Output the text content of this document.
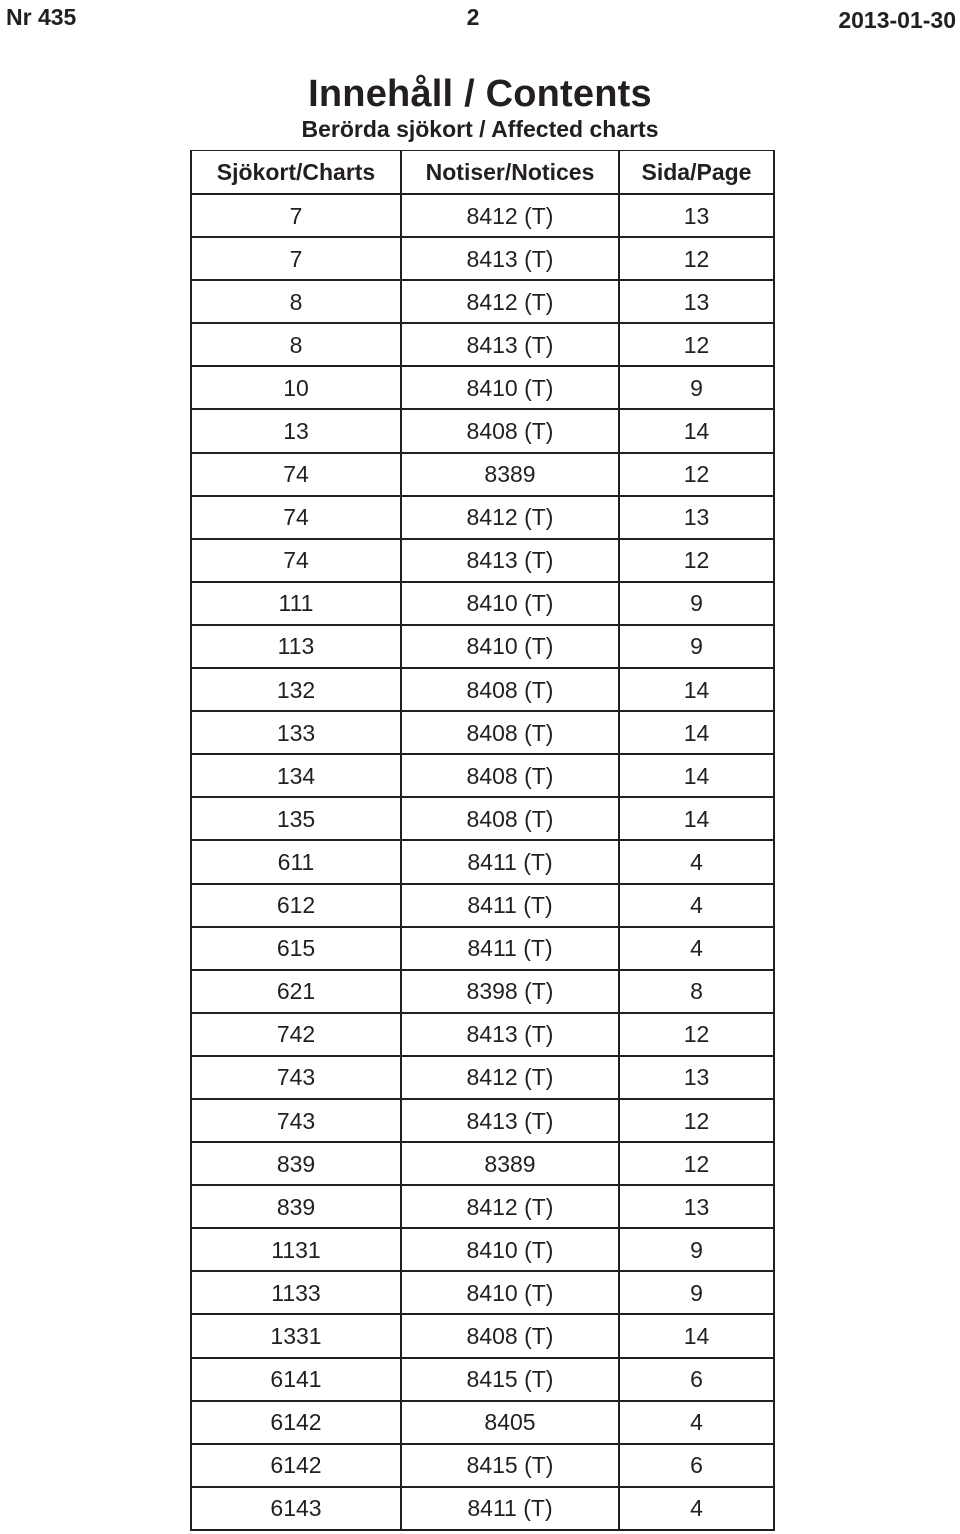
Nr 435	2	2013-01-30
Innehåll / Contents
Berörda sjökort / Affected charts
Sjökort/Charts	Notiser/Notices	Sida/Page
7	8412 (T)	13
7	8413 (T)	12
8	8412 (T)	13
8	8413 (T)	12
10	8410 (T)	9
13	8408 (T)	14
74	8389	12
74	8412 (T)	13
74	8413 (T)	12
111	8410 (T)	9
113	8410 (T)	9
132	8408 (T)	14
133	8408 (T)	14
134	8408 (T)	14
135	8408 (T)	14
611	8411 (T)	4
612	8411 (T)	4
615	8411 (T)	4
621	8398 (T)	8
742	8413 (T)	12
743	8412 (T)	13
743	8413 (T)	12
839	8389	12
839	8412 (T)	13
1131	8410 (T)	9
1133	8410 (T)	9
1331	8408 (T)	14
6141	8415 (T)	6
6142	8405	4
6142	8415 (T)	6
6143	8411 (T)	4
